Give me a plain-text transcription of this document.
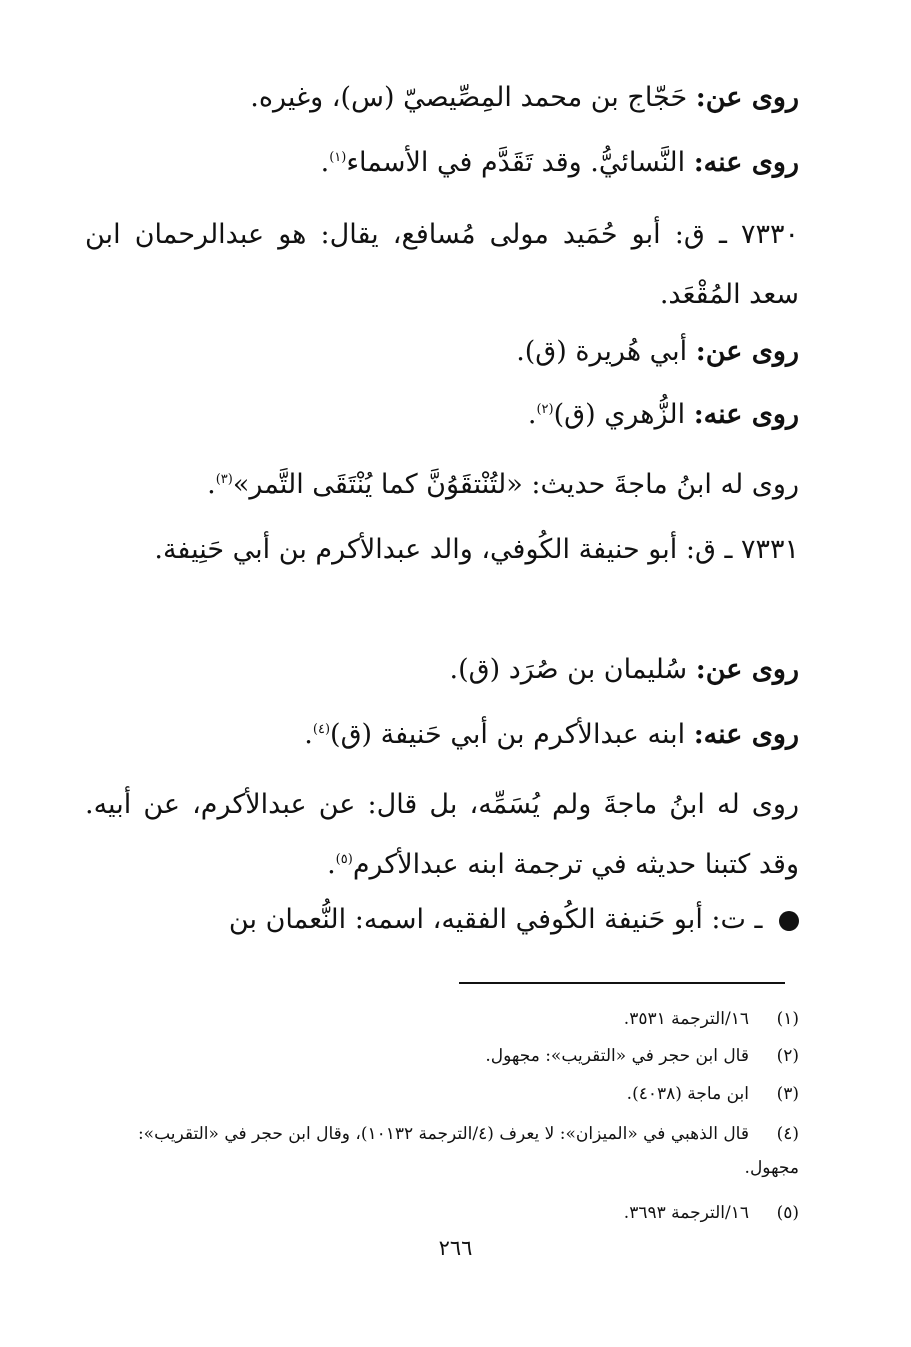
روى عن: حَجّاج بن محمد المِصِّيصيّ (س)، وغيره.
روى عنه: النَّسائيُّ. وقد تَقَدَّم في الأسماء$^{(١)}$.
٧٣٣٠ ـ ق: أبو حُمَيد مولى مُسافع، يقال: هو عبدالرحمان ابن سعد المُقْعَد.
روى عن: أبي هُريرة (ق).
روى عنه: الزُّهري (ق)$^{(٢)}$.
روى له ابنُ ماجةَ حديث: «لتُنْتقَوُنَّ كما يُنْتَقَى التَّمر»$^{(٣)}$.
٧٣٣١ ـ ق: أبو حنيفة الكُوفي، والد عبدالأكرم بن أبي حَنِيفة.
روى عن: سُليمان بن صُرَد (ق).
روى عنه: ابنه عبدالأكرم بن أبي حَنيفة (ق)$^{(٤)}$.
روى له ابنُ ماجةَ ولم يُسَمِّه، بل قال: عن عبدالأكرم، عن أبيه. وقد كتبنا حديثه في ترجمة ابنه عبدالأكرم$^{(٥)}$.
ـ ت: أبو حَنيفة الكُوفي الفقيه، اسمه: النُّعمان بن
(١)١٦/الترجمة ٣٥٣١.
(٢)قال ابن حجر في «التقريب»: مجهول.
(٣)ابن ماجة (٤٠٣٨).
(٤)قال الذهبي في «الميزان»: لا يعرف (٤/الترجمة ١٠١٣٢)، وقال ابن حجر في «التقريب»: مجهول.
(٥)١٦/الترجمة ٣٦٩٣.
٢٦٦
